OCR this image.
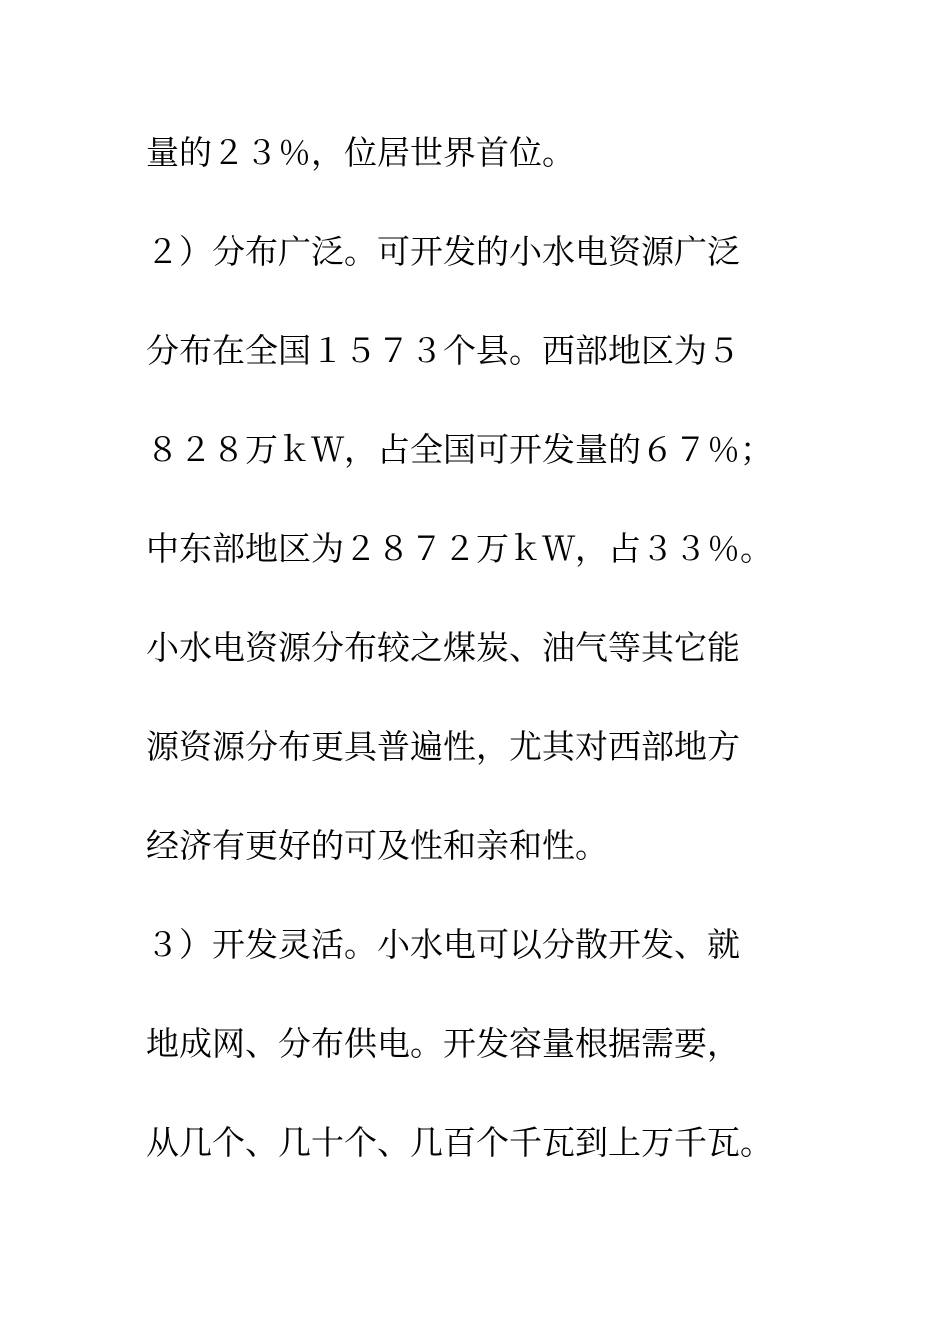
量的２３％，位居世界首位。
２）分布广泛。可开发的小水电资源广泛
分布在全国１５７３个县。西部地区为５
８２８万ｋＷ，占全国可开发量的６７％；
中东部地区为２８７２万ｋＷ，占３３％。
小水电资源分布较之煤炭、油气等其它能
源资源分布更具普遍性，尤其对西部地方
经济有更好的可及性和亲和性。
３）开发灵活。小水电可以分散开发、就
地成网、分布供电。开发容量根据需要，
从几个、几十个、几百个千瓦到上万千瓦。
